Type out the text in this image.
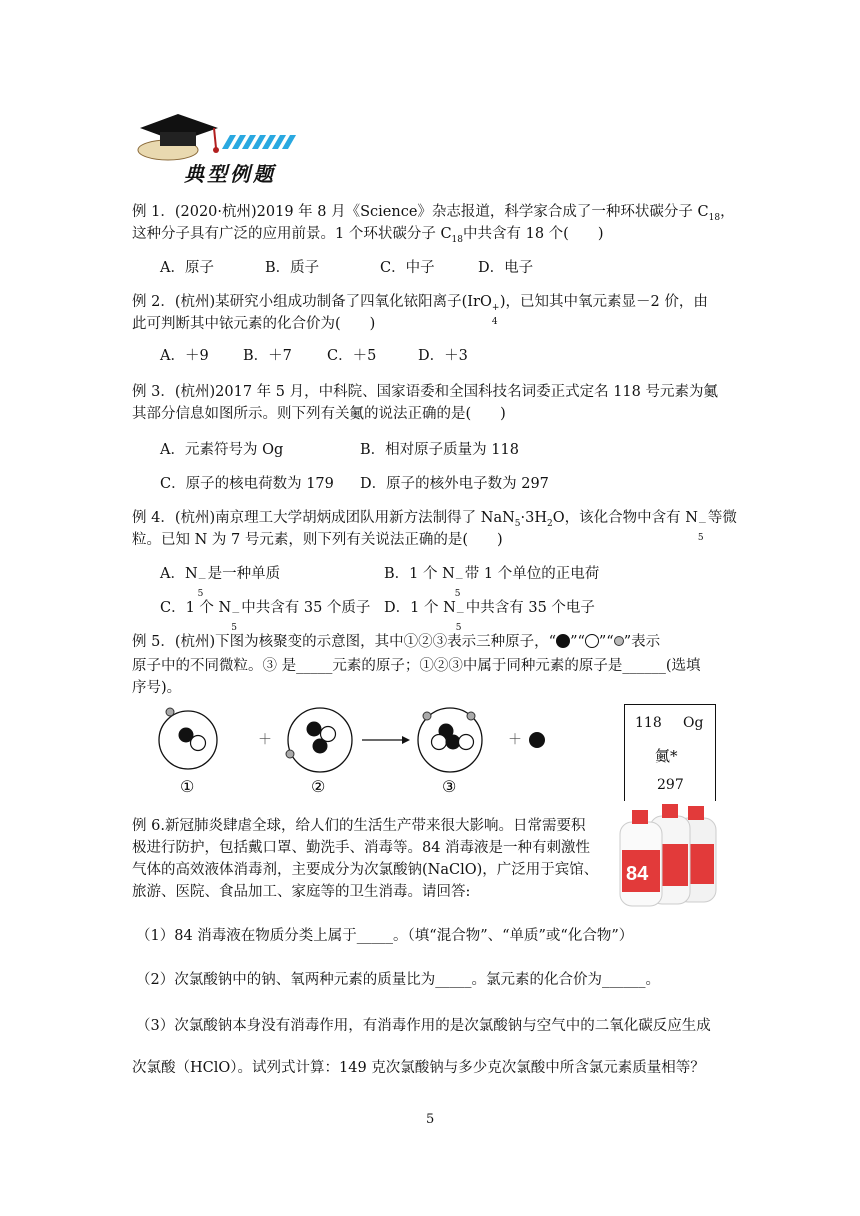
典型例题
例 1．(2020·杭州)2019 年 8 月《Science》杂志报道，科学家合成了一种环状碳分子 $C_{18}$，
这种分子具有广泛的应用前景。1 个环状碳分子 $C_{18}$中共含有 18 个(　　)
A．原子	B．质子	C．中子	D．电子
例 2．(杭州)某研究小组成功制备了四氧化铱阳离子(IrO +
4
)，已知其中氧元素显－2 价，由
此可判断其中铱元素的化合价为(　　)
A．＋9 B．＋7 C．＋5	D．＋3
例 3．(杭州)2017 年 5 月，中科院、国家语委和全国科技名词委正式定名 118 号元素为鿫
其部分信息如图所示。则下列有关鿫的说法正确的是(　　)
A．元素符号为 Og	B．相对原子质量为 118
C．原子的核电荷数为 179 D．原子的核外电子数为 297
例 4．(杭州)南京理工大学胡炳成团队用新方法制得了 $NaN_5\cdot 3H_2O$，该化合物中含有 N －
5
等微
粒。已知 N 为 7 号元素，则下列有关说法正确的是(　　)
A．N －
5
是一种单质	B．1 个 N －
5
带 1 个单位的正电荷
C．1 个 N －
5
中共含有 35 个质子 D．1 个 N －
5
中共含有 35 个电子
例 5．(杭州)下图为核聚变的示意图，其中①②③表示三种原子，“ ”“ ”“ ”表示
原子中的不同微粒。③ 是_____元素的原子；①②③中属于同种元素的原子是______(选填
序号)。
＋	＋
①	②	③
118 Og
鿫*
297
例 6.新冠肺炎肆虐全球，给人们的生活生产带来很大影响。日常需要积
极进行防护，包括戴口罩、勤洗手、消毒等。84 消毒液是一种有刺激性
气体的高效液体消毒剂，主要成分为次氯酸钠(NaClO)，广泛用于宾馆、
旅游、医院、食品加工、家庭等的卫生消毒。请回答:
84
（1）84 消毒液在物质分类上属于_____。（填“混合物”、“单质”或“化合物”）
（2）次氯酸钠中的钠、氧两种元素的质量比为_____。氯元素的化合价为______。
（3）次氯酸钠本身没有消毒作用，有消毒作用的是次氯酸钠与空气中的二氧化碳反应生成
次氯酸（HClO）。试列式计算：149 克次氯酸钠与多少克次氯酸中所含氯元素质量相等？
5
